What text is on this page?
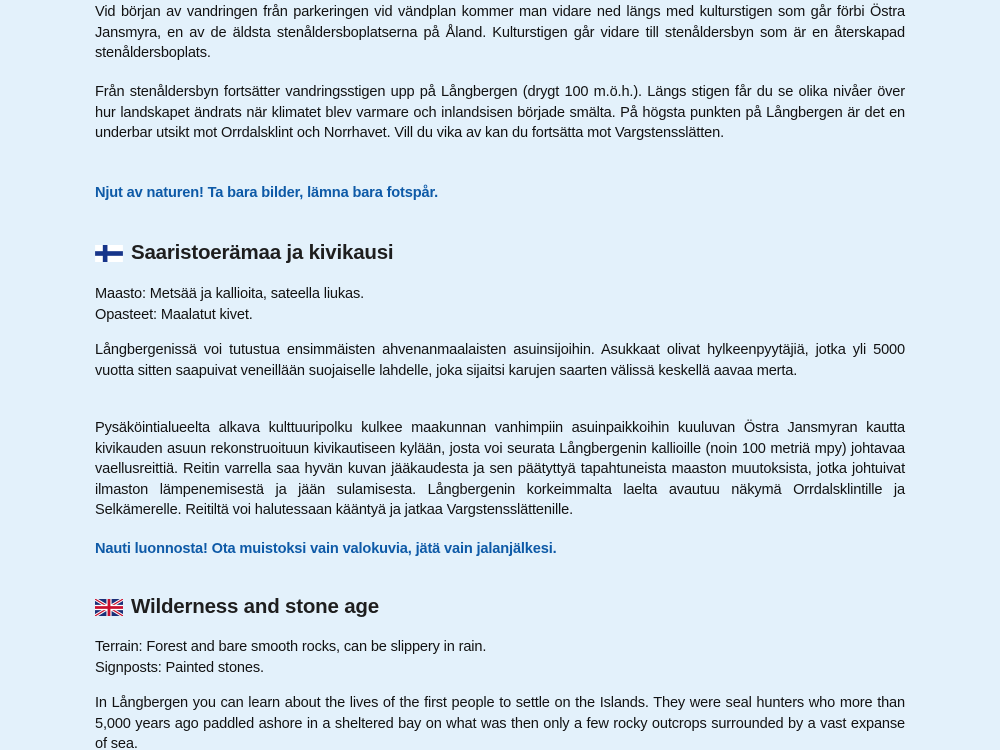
Vid början av vandringen från parkeringen vid vändplan kommer man vidare ned längs med kulturstigen som går förbi Östra Jansmyra, en av de äldsta stenåldersboplatserna på Åland. Kulturstigen går vidare till stenåldersbyn som är en återskapad stenåldersboplats.

Från stenåldersbyn fortsätter vandringsstigen upp på Långbergen (drygt 100 m.ö.h.). Längs stigen får du se olika nivåer över hur landskapet ändrats när klimatet blev varmare och inlandsisen började smälta. På högsta punkten på Långbergen är det en underbar utsikt mot Orrdalsklint och Norrhavet. Vill du vika av kan du fortsätta mot Vargstensslätten.

Njut av naturen! Ta bara bilder, lämna bara fotspår.

Saaristoerämaa ja kivikausi
Maasto: Metsää ja kallioita, sateella liukas.
Opasteet: Maalatut kivet.

Långbergenissä voi tutustua ensimmäisten ahvenanmaalaisten asuinsijoihin. Asukkaat olivat hylkeenpyytäjiä, jotka yli 5000 vuotta sitten saapuivat veneillään suojaiselle lahdelle, joka sijaitsi karujen saarten välissä keskellä aavaa merta.

Pysäköintialueelta alkava kulttuuripolku kulkee maakunnan vanhimpiin asuinpaikkoihin kuuluvan Östra Jansmyran kautta kivikauden asuun rekonstruoituun kivikautiseen kylään, josta voi seurata Långbergenin kallioille (noin 100 metriä mpy) johtavaa vaellusreittiä. Reitin varrella saa hyvän kuvan jääkaudesta ja sen päätyttyä tapahtuneista maaston muutoksista, jotka johtuivat ilmaston lämpenemisestä ja jään sulamisesta. Långbergenin korkeimmalta laelta avautuu näkymä Orrdalsklintille ja Selkämerelle. Reitiltä voi halutessaan kääntyä ja jatkaa Vargstensslättenille.

Nauti luonnosta! Ota muistoksi vain valokuvia, jätä vain jalanjälkesi.

Wilderness and stone age
Terrain: Forest and bare smooth rocks, can be slippery in rain.
Signposts: Painted stones.

In Långbergen you can learn about the lives of the first people to settle on the Islands. They were seal hunters who more than 5,000 years ago paddled ashore in a sheltered bay on what was then only a few rocky outcrops surrounded by a vast expanse of sea.
